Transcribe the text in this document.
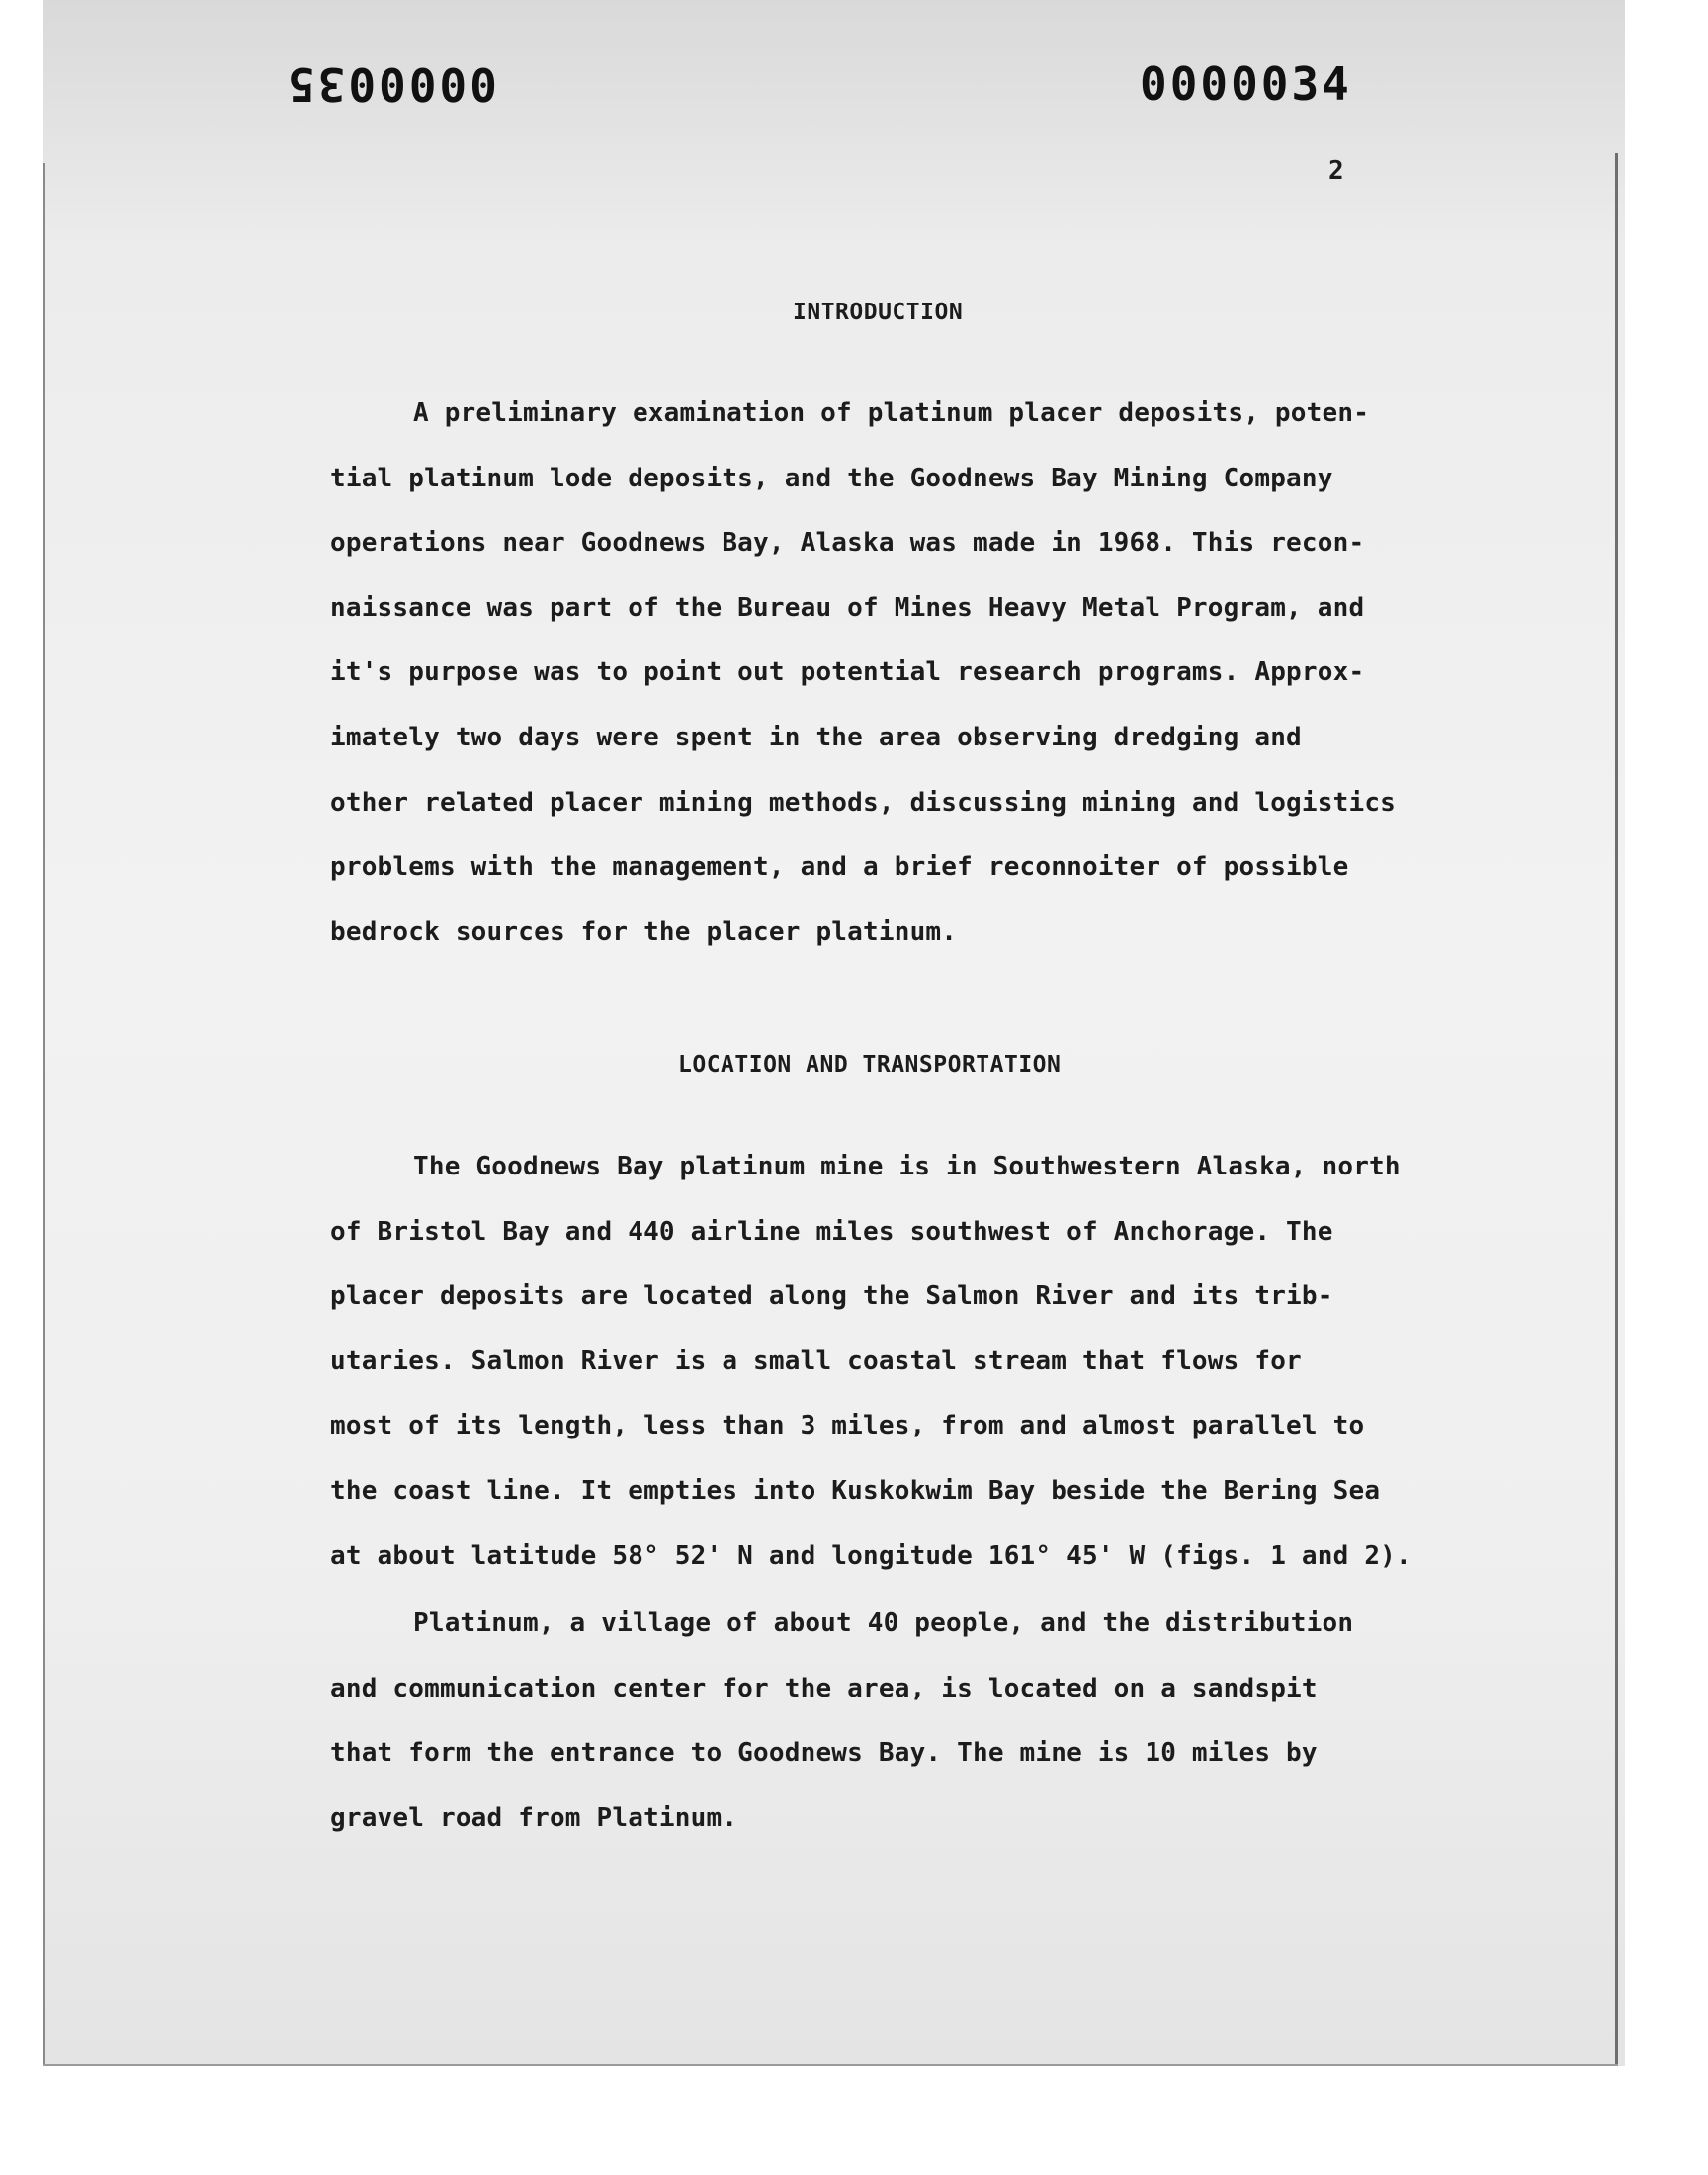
0000035	0000034
2
INTRODUCTION
A preliminary examination of platinum placer deposits, poten-
tial platinum lode deposits, and the Goodnews Bay Mining Company
operations near Goodnews Bay, Alaska was made in 1968. This recon-
naissance was part of the Bureau of Mines Heavy Metal Program, and
it's purpose was to point out potential research programs. Approx-
imately two days were spent in the area observing dredging and
other related placer mining methods, discussing mining and logistics
problems with the management, and a brief reconnoiter of possible
bedrock sources for the placer platinum.
LOCATION AND TRANSPORTATION
The Goodnews Bay platinum mine is in Southwestern Alaska, north
of Bristol Bay and 440 airline miles southwest of Anchorage. The
placer deposits are located along the Salmon River and its trib-
utaries. Salmon River is a small coastal stream that flows for
most of its length, less than 3 miles, from and almost parallel to
the coast line. It empties into Kuskokwim Bay beside the Bering Sea
at about latitude 58° 52' N and longitude 161° 45' W (figs. 1 and 2).
Platinum, a village of about 40 people, and the distribution
and communication center for the area, is located on a sandspit
that form the entrance to Goodnews Bay. The mine is 10 miles by
gravel road from Platinum.
